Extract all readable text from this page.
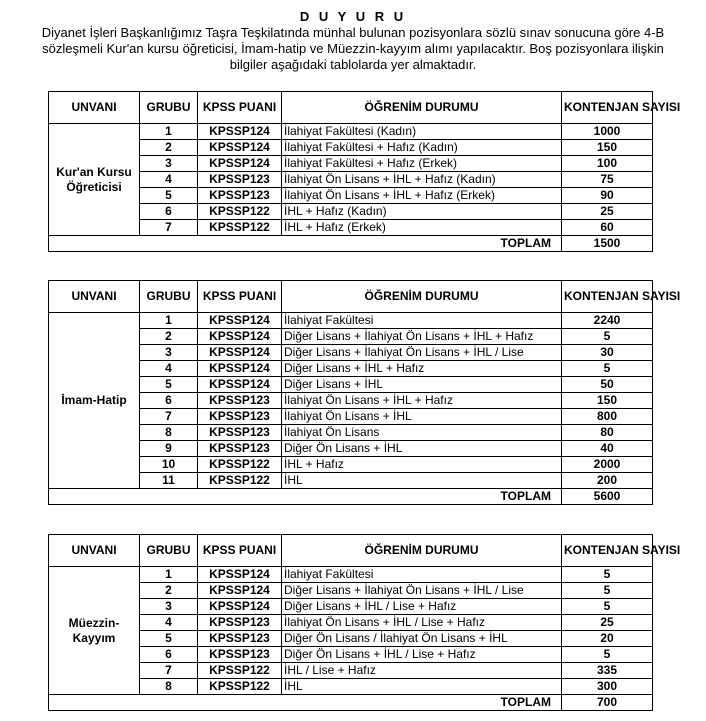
D U Y U R U
Diyanet İşleri Başkanlığımız Taşra Teşkilatında münhal bulunan pozisyonlara sözlü sınav sonucuna göre 4-B sözleşmeli Kur'an kursu öğreticisi, İmam-hatip ve Müezzin-kayyım alımı yapılacaktır. Boş pozisyonlara ilişkin bilgiler aşağıdaki tablolarda yer almaktadır.
UNVANI	GRUBU	KPSS PUANI	ÖĞRENİM DURUMU	KONTENJAN SAYISI
Kur'an Kursu Öğreticisi	1	KPSSP124	İlahiyat Fakültesi (Kadın)	1000
	2	KPSSP124	İlahiyat Fakültesi + Hafız (Kadın)	150
	3	KPSSP124	İlahiyat Fakültesi + Hafız (Erkek)	100
	4	KPSSP123	İlahiyat Ön Lisans + İHL + Hafız (Kadın)	75
	5	KPSSP123	İlahiyat Ön Lisans + İHL + Hafız (Erkek)	90
	6	KPSSP122	İHL + Hafız (Kadın)	25
	7	KPSSP122	İHL + Hafız (Erkek)	60
TOPLAM				1500
UNVANI	GRUBU	KPSS PUANI	ÖĞRENİM DURUMU	KONTENJAN SAYISI
İmam-Hatip	1	KPSSP124	İlahiyat Fakültesi	2240
	2	KPSSP124	Diğer Lisans + İlahiyat Ön Lisans + İHL + Hafız	5
	3	KPSSP124	Diğer Lisans + İlahiyat Ön Lisans + İHL / Lise	30
	4	KPSSP124	Diğer Lisans + İHL + Hafız	5
	5	KPSSP124	Diğer Lisans + İHL	50
	6	KPSSP123	İlahiyat Ön Lisans + İHL + Hafız	150
	7	KPSSP123	İlahiyat Ön Lisans + İHL	800
	8	KPSSP123	İlahiyat Ön Lisans	80
	9	KPSSP123	Diğer Ön Lisans + İHL	40
	10	KPSSP122	İHL + Hafız	2000
	11	KPSSP122	İHL	200
TOPLAM				5600
UNVANI	GRUBU	KPSS PUANI	ÖĞRENİM DURUMU	KONTENJAN SAYISI
Müezzin-Kayyım	1	KPSSP124	İlahiyat Fakültesi	5
	2	KPSSP124	Diğer Lisans + İlahiyat Ön Lisans + İHL / Lise	5
	3	KPSSP124	Diğer Lisans + İHL / Lise + Hafız	5
	4	KPSSP123	İlahiyat Ön Lisans + İHL / Lise + Hafız	25
	5	KPSSP123	Diğer Ön Lisans / İlahiyat Ön Lisans + İHL	20
	6	KPSSP123	Diğer Ön Lisans + İHL / Lise + Hafız	5
	7	KPSSP122	İHL / Lise + Hafız	335
	8	KPSSP122	İHL	300
TOPLAM				700
